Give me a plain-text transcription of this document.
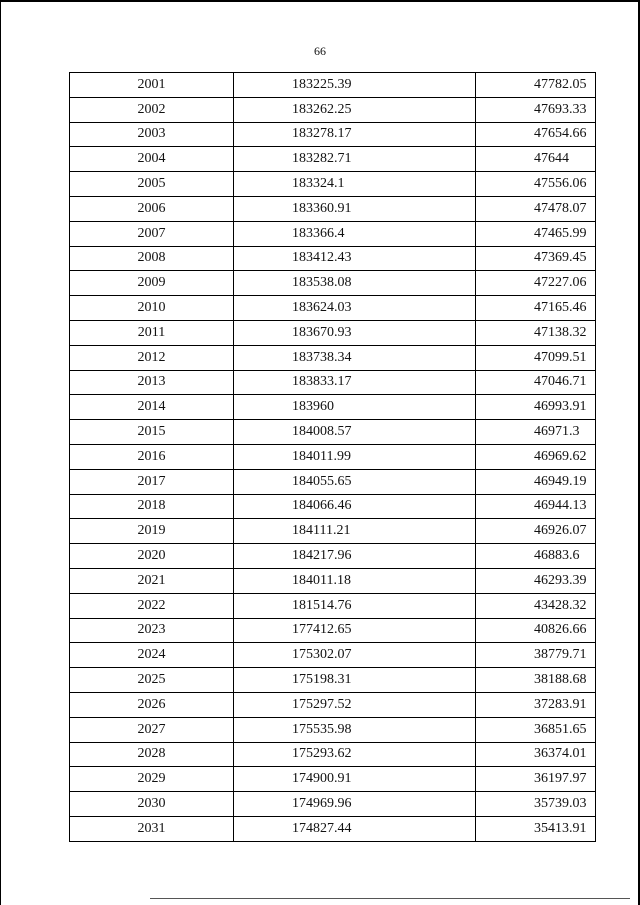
66
2001	183225.39	47782.05
2002	183262.25	47693.33
2003	183278.17	47654.66
2004	183282.71	47644
2005	183324.1	47556.06
2006	183360.91	47478.07
2007	183366.4	47465.99
2008	183412.43	47369.45
2009	183538.08	47227.06
2010	183624.03	47165.46
2011	183670.93	47138.32
2012	183738.34	47099.51
2013	183833.17	47046.71
2014	183960	46993.91
2015	184008.57	46971.3
2016	184011.99	46969.62
2017	184055.65	46949.19
2018	184066.46	46944.13
2019	184111.21	46926.07
2020	184217.96	46883.6
2021	184011.18	46293.39
2022	181514.76	43428.32
2023	177412.65	40826.66
2024	175302.07	38779.71
2025	175198.31	38188.68
2026	175297.52	37283.91
2027	175535.98	36851.65
2028	175293.62	36374.01
2029	174900.91	36197.97
2030	174969.96	35739.03
2031	174827.44	35413.91
